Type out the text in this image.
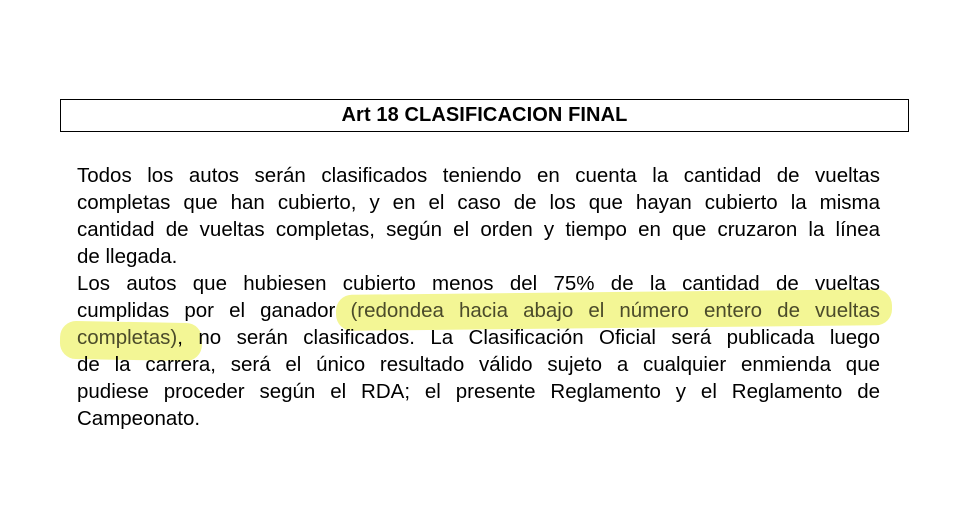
Art 18 CLASIFICACION FINAL
Todos los autos serán clasificados teniendo en cuenta la cantidad de vueltas
completas que han cubierto, y en el caso de los que hayan cubierto la misma
cantidad de vueltas completas, según el orden y tiempo en que cruzaron la línea
de llegada.
Los autos que hubiesen cubierto menos del 75% de la cantidad de vueltas
cumplidas por el ganador (redondea hacia abajo el número entero de vueltas
completas), no serán clasificados. La Clasificación Oficial será publicada luego
de la carrera, será el único resultado válido sujeto a cualquier enmienda que
pudiese proceder según el RDA; el presente Reglamento y el Reglamento de
Campeonato.
